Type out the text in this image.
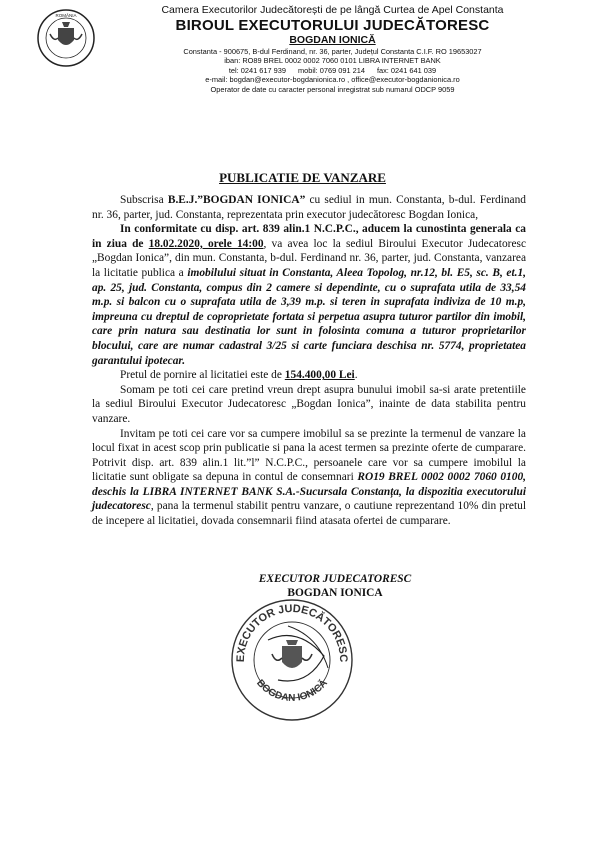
ROMÂNIA	Camera Executorilor Judecătorești de pe lângă Curtea de Apel Constanta
BIROUL EXECUTORULUI JUDECĂTORESC
BOGDAN IONICĂ
Constanta - 900675, B-dul Ferdinand, nr. 36, parter, Județul Constanta C.I.F. RO 19653027
iban: RO89 BREL 0002 0002 7060 0101 LIBRA INTERNET BANK
tel: 0241 617 939 mobil: 0769 091 214 fax: 0241 641 039
e-mail: bogdan@executor-bogdanionica.ro , office@executor-bogdanionica.ro
Operator de date cu caracter personal inregistrat sub numarul ODCP 9059
PUBLICATIE DE VANZARE

Subscrisa B.E.J.”BOGDAN IONICA” cu sediul in mun. Constanta, b-dul. Ferdinand nr. 36, parter, jud. Constanta, reprezentata prin executor judecătoresc Bogdan Ionica,

In conformitate cu disp. art. 839 alin.1 N.C.P.C., aducem la cunostinta generala ca in ziua de 18.02.2020, orele 14:00, va avea loc la sediul Biroului Executor Judecatoresc „Bogdan Ionica”, din mun. Constanta, b-dul. Ferdinand nr. 36, parter, jud. Constanta, vanzarea la licitatie publica a imobilului situat in Constanta, Aleea Topolog, nr.12, bl. E5, sc. B, et.1, ap. 25, jud. Constanta, compus din 2 camere si dependinte, cu o suprafata utila de 33,54 m.p. si balcon cu o suprafata utila de 3,39 m.p. si teren in suprafata indiviza de 10 m.p, impreuna cu dreptul de coproprietate fortata si perpetua asupra tuturor partilor din imobil, care prin natura sau destinatia lor sunt in folosinta comuna a tuturor proprietarilor blocului, care are numar cadastral 3/25 si carte funciara deschisa nr. 5774, proprietatea garantului ipotecar.

Pretul de pornire al licitatiei este de 154.400,00 Lei.

Somam pe toti cei care pretind vreun drept asupra bunului imobil sa-si arate pretentiile la sediul Biroului Executor Judecatoresc „Bogdan Ionica”, inainte de data stabilita pentru vanzare.

Invitam pe toti cei care vor sa cumpere imobilul sa se prezinte la termenul de vanzare la locul fixat in acest scop prin publicatie si pana la acest termen sa prezinte oferte de cumparare. Potrivit disp. art. 839 alin.1 lit.”l” N.C.P.C., persoanele care vor sa cumpere imobilul la licitatie sunt obligate sa depuna in contul de consemnari RO19 BREL 0002 0002 7060 0100, deschis la LIBRA INTERNET BANK S.A.-Sucursala Constanța, la dispozitia executorului judecatoresc, pana la termenul stabilit pentru vanzare, o cautiune reprezentand 10% din pretul de incepere al licitatiei, dovada consemnarii fiind atasata ofertei de cumparare.

EXECUTOR JUDECATORESC
BOGDAN IONICA
EXECUTOR JUDECĂTORESC
BOGDAN IONICĂ
